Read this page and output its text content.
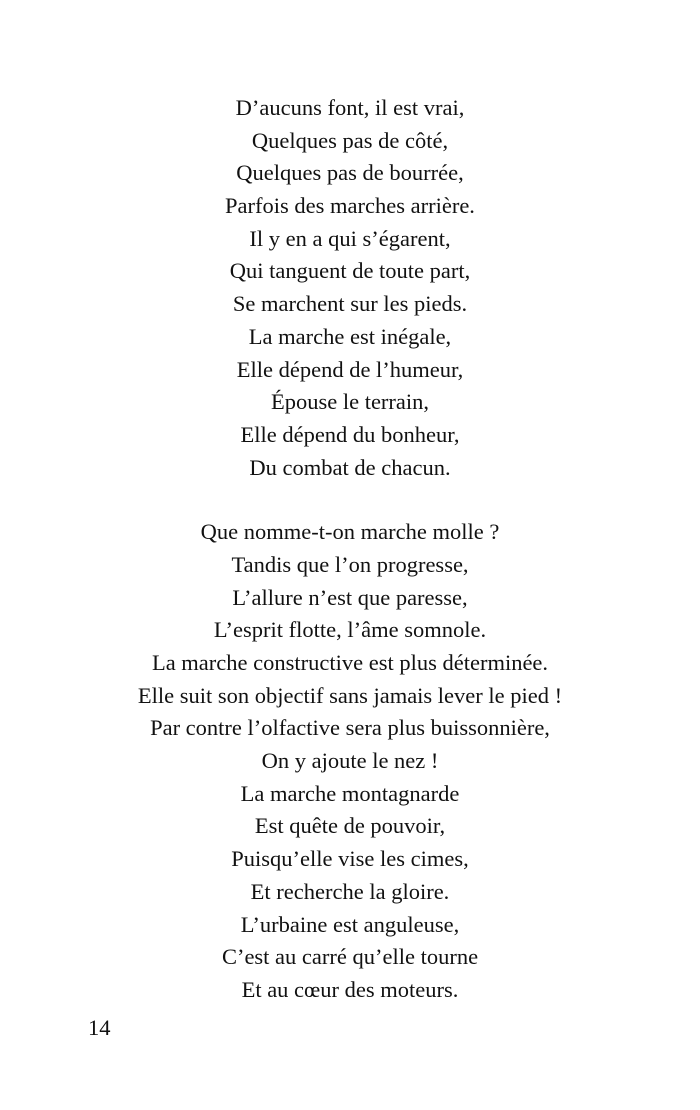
D’aucuns font, il est vrai,
Quelques pas de côté,
Quelques pas de bourrée,
Parfois des marches arrière.
Il y en a qui s’égarent,
Qui tanguent de toute part,
Se marchent sur les pieds.
La marche est inégale,
Elle dépend de l’humeur,
Épouse le terrain,
Elle dépend du bonheur,
Du combat de chacun.
Que nomme-t-on marche molle ?
Tandis que l’on progresse,
L’allure n’est que paresse,
L’esprit flotte, l’âme somnole.
La marche constructive est plus déterminée.
Elle suit son objectif sans jamais lever le pied !
Par contre l’olfactive sera plus buissonnière,
On y ajoute le nez !
La marche montagnarde
Est quête de pouvoir,
Puisqu’elle vise les cimes,
Et recherche la gloire.
L’urbaine est anguleuse,
C’est au carré qu’elle tourne
Et au cœur des moteurs.
14
